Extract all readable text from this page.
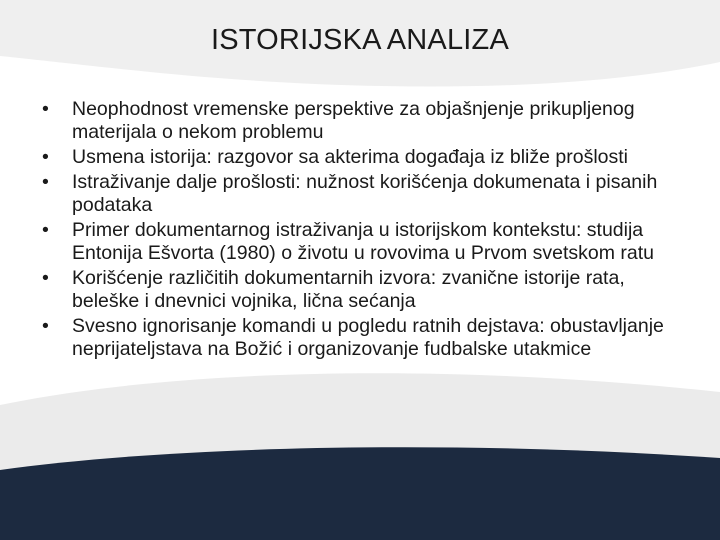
ISTORIJSKA ANALIZA
•	Neophodnost vremenske perspektive za objašnjenje prikupljenog materijala o nekom problemu
•	Usmena istorija: razgovor sa akterima događaja iz bliže prošlosti
•	Istraživanje dalje prošlosti: nužnost korišćenja dokumenata i pisanih podataka
•	Primer dokumentarnog istraživanja u istorijskom kontekstu: studija Entonija Ešvorta (1980) o životu u rovovima u Prvom svetskom ratu
•	Korišćenje različitih dokumentarnih izvora: zvanične istorije rata, beleške i dnevnici vojnika, lična sećanja
•	Svesno ignorisanje komandi u pogledu ratnih dejstava: obustavljanje neprijateljstava na Božić i organizovanje fudbalske utakmice
